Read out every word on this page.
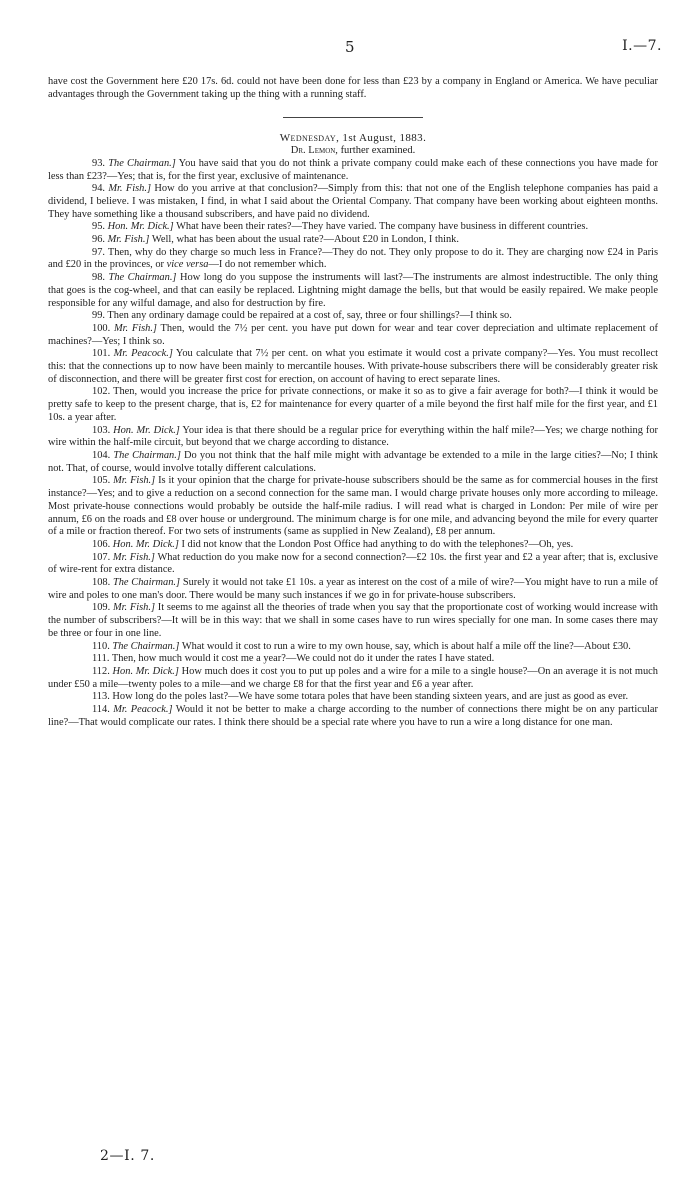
5	I.—7.

have cost the Government here £20 17s. 6d. could not have been done for less than £23 by a company in England or America. We have peculiar advantages through the Government taking up the thing with a running staff.

Wednesday, 1st August, 1883.

Dr. Lemon, further examined.

93. The Chairman.] You have said that you do not think a private company could make each of these connections you have made for less than £23?—Yes; that is, for the first year, exclusive of maintenance.

94. Mr. Fish.] How do you arrive at that conclusion?—Simply from this: that not one of the English telephone companies has paid a dividend, I believe. I was mistaken, I find, in what I said about the Oriental Company. That company have been working about eighteen months. They have something like a thousand subscribers, and have paid no dividend.

95. Hon. Mr. Dick.] What have been their rates?—They have varied. The company have business in different countries.

96. Mr. Fish.] Well, what has been about the usual rate?—About £20 in London, I think.

97. Then, why do they charge so much less in France?—They do not. They only propose to do it. They are charging now £24 in Paris and £20 in the provinces, or vice versa—I do not remember which.

98. The Chairman.] How long do you suppose the instruments will last?—The instruments are almost indestructible. The only thing that goes is the cog-wheel, and that can easily be replaced. Lightning might damage the bells, but that would be easily repaired. We make people responsible for any wilful damage, and also for destruction by fire.

99. Then any ordinary damage could be repaired at a cost of, say, three or four shillings?—I think so.

100. Mr. Fish.] Then, would the 7½ per cent. you have put down for wear and tear cover depreciation and ultimate replacement of machines?—Yes; I think so.

101. Mr. Peacock.] You calculate that 7½ per cent. on what you estimate it would cost a private company?—Yes. You must recollect this: that the connections up to now have been mainly to mercantile houses. With private-house subscribers there will be considerably greater risk of disconnection, and there will be greater first cost for erection, on account of having to erect separate lines.

102. Then, would you increase the price for private connections, or make it so as to give a fair average for both?—I think it would be pretty safe to keep to the present charge, that is, £2 for maintenance for every quarter of a mile beyond the first half mile for the first year, and £1 10s. a year after.

103. Hon. Mr. Dick.] Your idea is that there should be a regular price for everything within the half mile?—Yes; we charge nothing for wire within the half-mile circuit, but beyond that we charge according to distance.

104. The Chairman.] Do you not think that the half mile might with advantage be extended to a mile in the large cities?—No; I think not. That, of course, would involve totally different calculations.

105. Mr. Fish.] Is it your opinion that the charge for private-house subscribers should be the same as for commercial houses in the first instance?—Yes; and to give a reduction on a second connection for the same man. I would charge private houses only more according to mileage. Most private-house connections would probably be outside the half-mile radius. I will read what is charged in London: Per mile of wire per annum, £6 on the roads and £8 over house or underground. The minimum charge is for one mile, and advancing beyond the mile for every quarter of a mile or fraction thereof. For two sets of instruments (same as supplied in New Zealand), £8 per annum.

106. Hon. Mr. Dick.] I did not know that the London Post Office had anything to do with the telephones?—Oh, yes.

107. Mr. Fish.] What reduction do you make now for a second connection?—£2 10s. the first year and £2 a year after; that is, exclusive of wire-rent for extra distance.

108. The Chairman.] Surely it would not take £1 10s. a year as interest on the cost of a mile of wire?—You might have to run a mile of wire and poles to one man's door. There would be many such instances if we go in for private-house subscribers.

109. Mr. Fish.] It seems to me against all the theories of trade when you say that the proportionate cost of working would increase with the number of subscribers?—It will be in this way: that we shall in some cases have to run wires specially for one man. In some cases there may be three or four in one line.

110. The Chairman.] What would it cost to run a wire to my own house, say, which is about half a mile off the line?—About £30.

111. Then, how much would it cost me a year?—We could not do it under the rates I have stated.

112. Hon. Mr. Dick.] How much does it cost you to put up poles and a wire for a mile to a single house?—On an average it is not much under £50 a mile—twenty poles to a mile—and we charge £8 for that the first year and £6 a year after.

113. How long do the poles last?—We have some totara poles that have been standing sixteen years, and are just as good as ever.

114. Mr. Peacock.] Would it not be better to make a charge according to the number of connections there might be on any particular line?—That would complicate our rates. I think there should be a special rate where you have to run a wire a long distance for one man.

2—I. 7.
